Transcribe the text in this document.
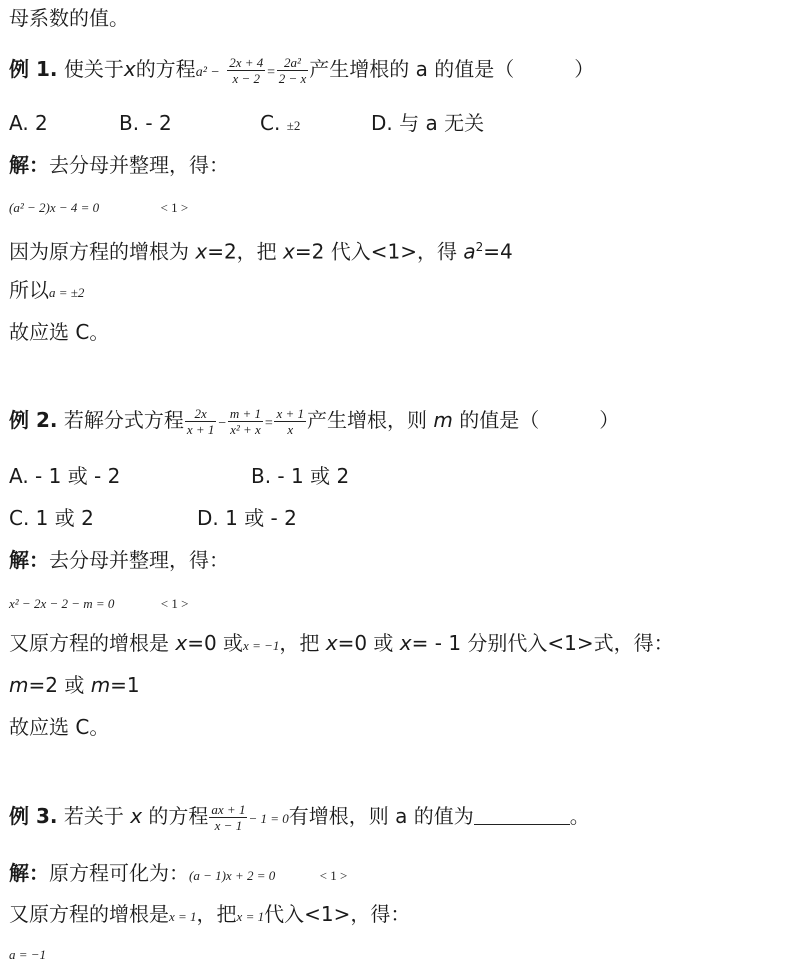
母系数的值。
例 1. 使关于x的方程$a^2 - \frac{2x + 4}{x - 2} = \frac{\text{2a²}}{2 - x}$ 产生增根的 a 的值是（　　　）
A. 2	B. - 2	C. ±2	D. 与 a 无关
解：去分母并整理，得：
(a² − 2)x − 4 = 0	< 1 >
因为原方程的增根为 x=2，把 x=2 代入<1>，得 $a^2=4$
所以a = ±2
故应选 C。
例 2. 若解分式方程 $\frac{2x}{x + 1} - \frac{m + 1}{\text{x² + x}} = \frac{x + 1}{x}$ 产生增根，则 m 的值是（　　　）
A. - 1 或 - 2	B. - 1 或 2
C. 1 或 2	D. 1 或 - 2
解：去分母并整理，得：
x² − 2x − 2 − m = 0	< 1 >
又原方程的增根是 x=0 或x = −1，把 x=0 或 x= - 1 分别代入<1>式，得：
m=2 或 m=1
故应选 C。
例 3. 若关于 x 的方程 $\frac{ax + 1}{x - 1} - 1 = 0$有增根，则 a 的值为	。
解：原方程可化为：(a − 1)x + 2 = 0	< 1 >
又原方程的增根是x = 1，把x = 1代入<1>，得：
a = −1
